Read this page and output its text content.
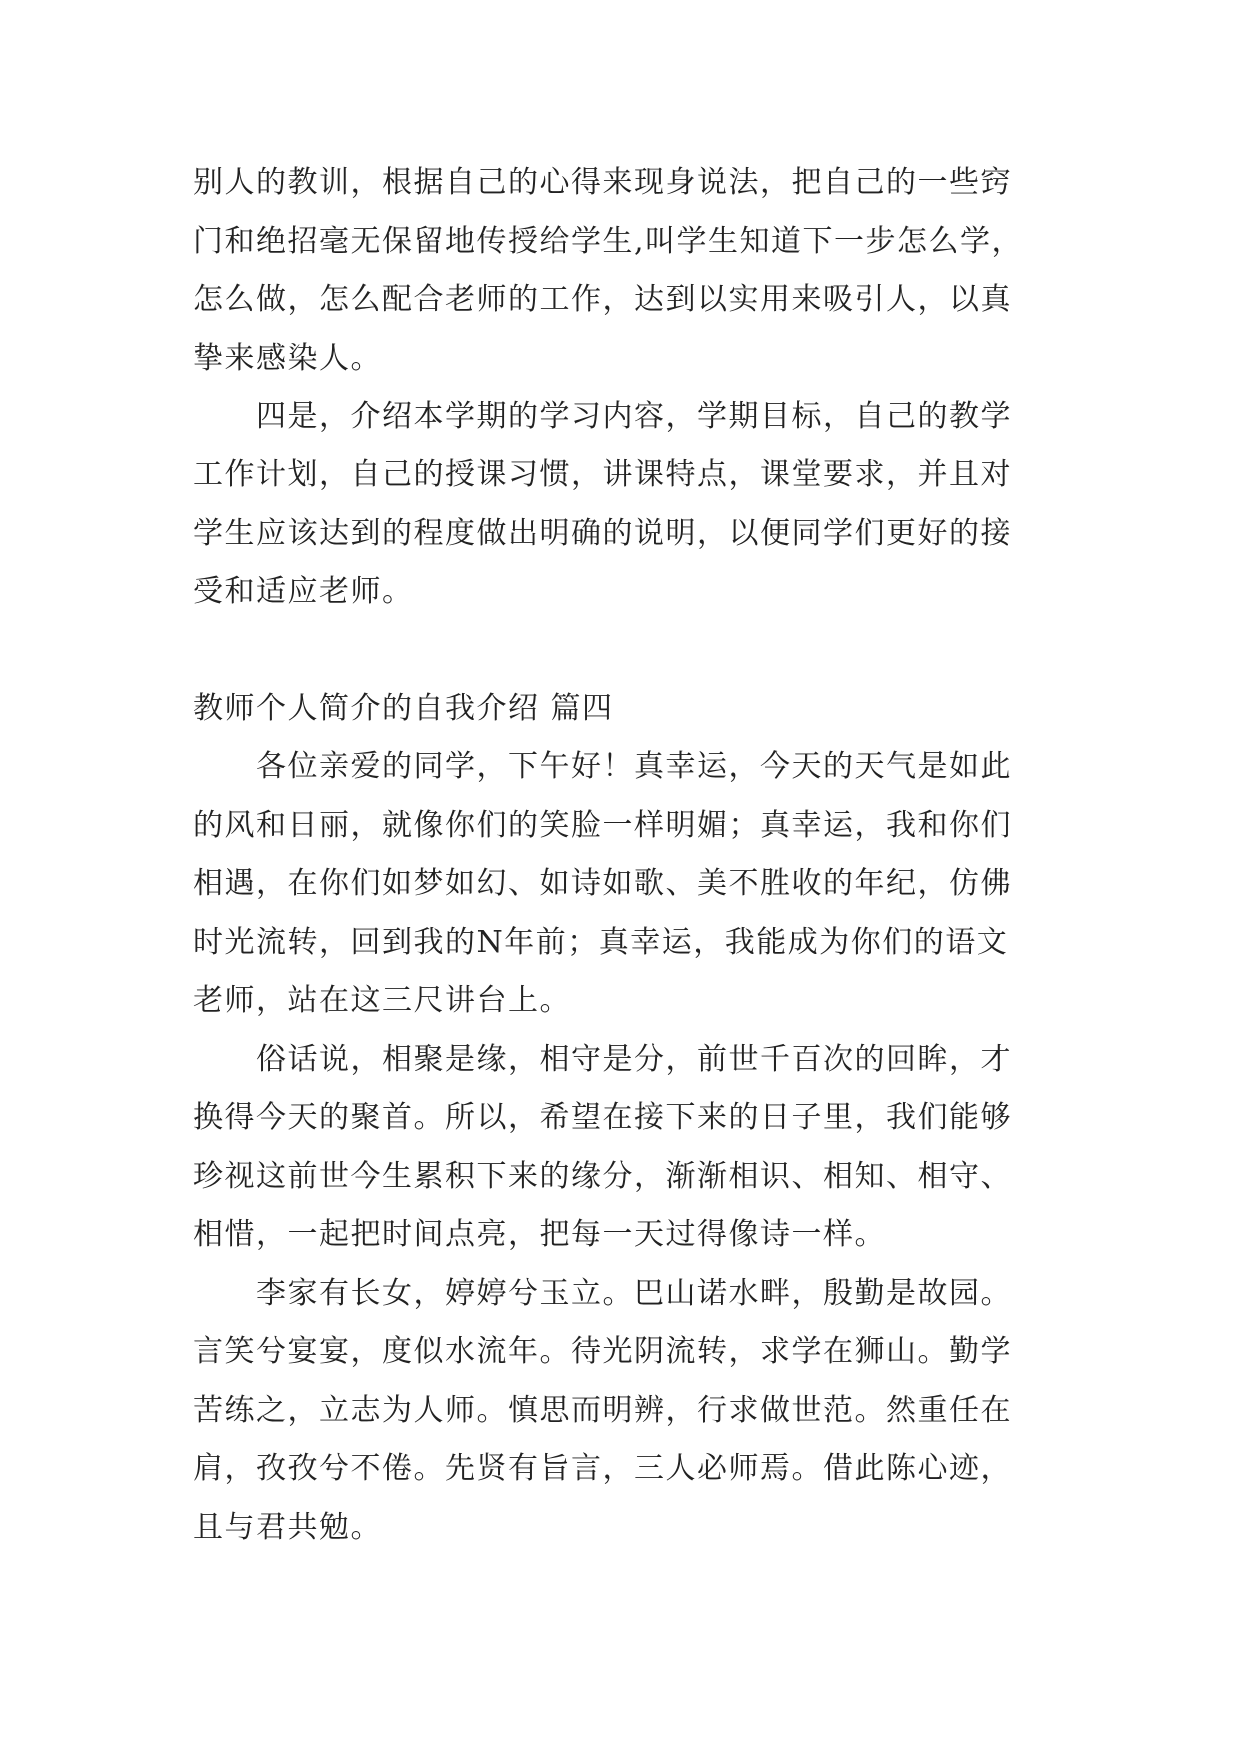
别人的教训，根据自己的心得来现身说法，把自己的一些窍
门和绝招毫无保留地传授给学生,叫学生知道下一步怎么学，
怎么做，怎么配合老师的工作，达到以实用来吸引人，以真
挚来感染人。
四是，介绍本学期的学习内容，学期目标，自己的教学
工作计划，自己的授课习惯，讲课特点，课堂要求，并且对
学生应该达到的程度做出明确的说明，以便同学们更好的接
受和适应老师。
教师个人简介的自我介绍 篇四
各位亲爱的同学，下午好！真幸运，今天的天气是如此
的风和日丽，就像你们的笑脸一样明媚；真幸运，我和你们
相遇，在你们如梦如幻、如诗如歌、美不胜收的年纪，仿佛
时光流转，回到我的N年前；真幸运，我能成为你们的语文
老师，站在这三尺讲台上。
俗话说，相聚是缘，相守是分，前世千百次的回眸，才
换得今天的聚首。所以，希望在接下来的日子里，我们能够
珍视这前世今生累积下来的缘分，渐渐相识、相知、相守、
相惜，一起把时间点亮，把每一天过得像诗一样。
李家有长女，婷婷兮玉立。巴山诺水畔，殷勤是故园。
言笑兮宴宴，度似水流年。待光阴流转，求学在狮山。勤学
苦练之，立志为人师。慎思而明辨，行求做世范。然重任在
肩，孜孜兮不倦。先贤有旨言，三人必师焉。借此陈心迹，
且与君共勉。
